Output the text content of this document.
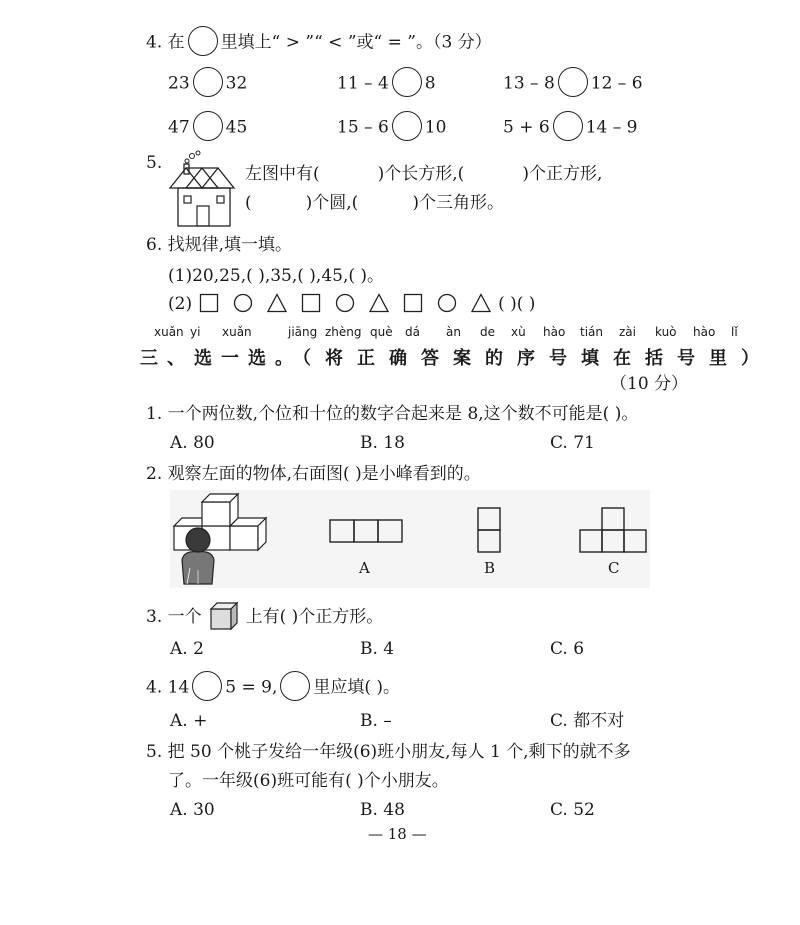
4. 在 里填上“ > ”“ < ”或“ = ”。（3 分）
23 32	11 – 4 8	13 – 8 12 – 6
47 45	15 – 6 10	5 + 6 14 – 9
5.
左图中有(	)个长方形,(	)个正方形,
(	)个圆,(	)个三角形。
6. 找规律,填一填。
(1)20,25,( ),35,( ),45,( )。
(2)	( )( )
xuǎn yi xuǎn	jiāng zhèng què dá àn de xù hào tián zài kuò hào lǐ
三、选一选。（将正确答案的序号填在括号里）
（10 分）
1. 一个两位数,个位和十位的数字合起来是 8,这个数不可能是( )。
A. 80	B. 18	C. 71
2. 观察左面的物体,右面图( )是小峰看到的。
A	B	C
3. 一个	上有( )个正方形。
A. 2	B. 4	C. 6
4. 14 5 = 9, 里应填( )。
A. +	B. –	C. 都不对
5. 把 50 个桃子发给一年级(6)班小朋友,每人 1 个,剩下的就不多
了。一年级(6)班可能有( )个小朋友。
A. 30	B. 48	C. 52
— 18 —
